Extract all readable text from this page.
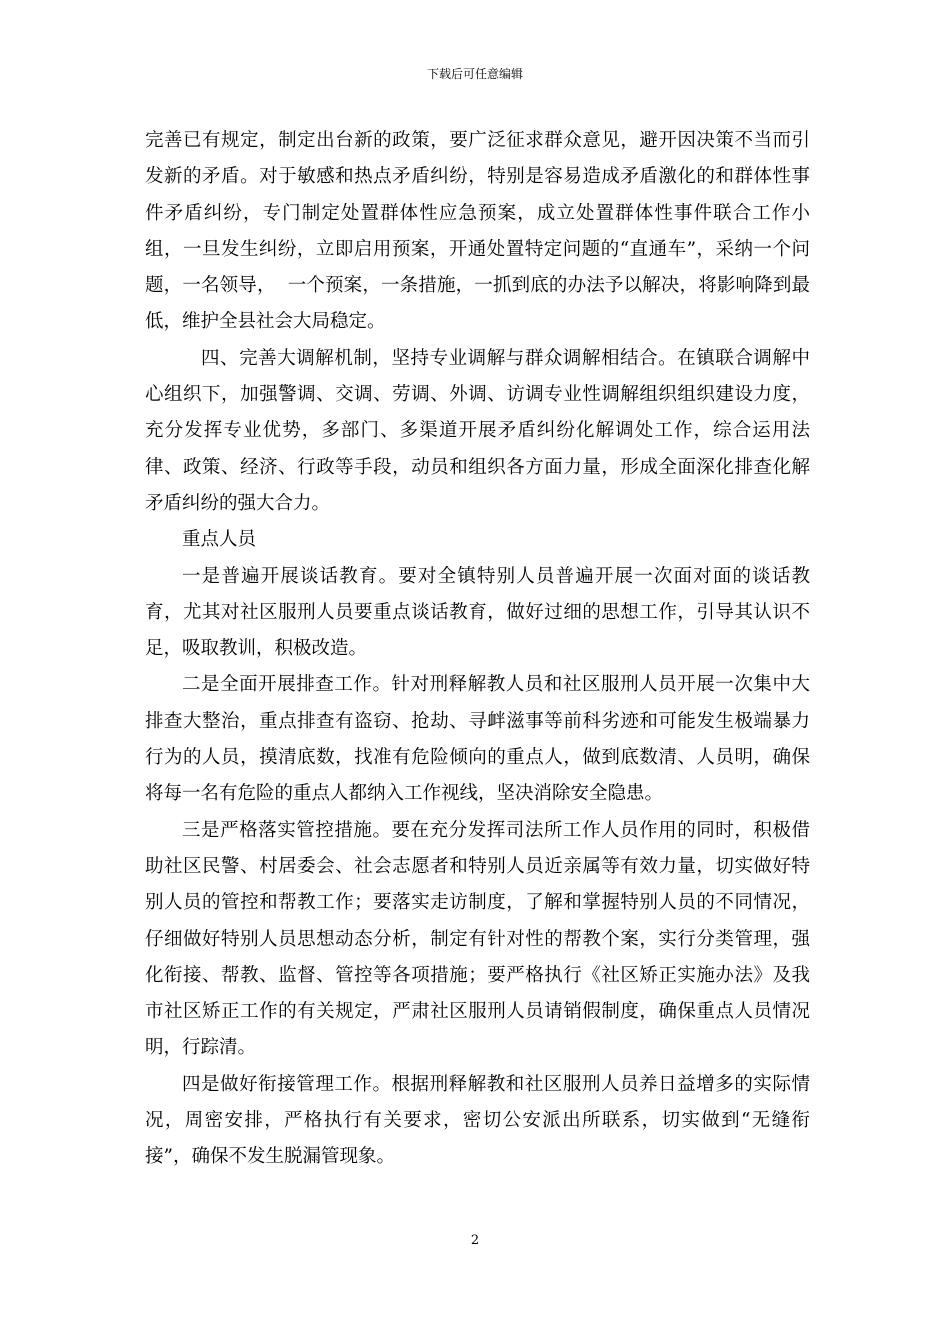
下载后可任意编辑

完善已有规定，制定出台新的政策，要广泛征求群众意见，避开因决策不当而引发新的矛盾。对于敏感和热点矛盾纠纷，特别是容易造成矛盾激化的和群体性事件矛盾纠纷，专门制定处置群体性应急预案，成立处置群体性事件联合工作小组，一旦发生纠纷，立即启用预案，开通处置特定问题的“直通车”，采纳一个问题，一名领导，  一个预案，一条措施，一抓到底的办法予以解决，将影响降到最低，维护全县社会大局稳定。

四、完善大调解机制，坚持专业调解与群众调解相结合。在镇联合调解中心组织下，加强警调、交调、劳调、外调、访调专业性调解组织组织建设力度，充分发挥专业优势，多部门、多渠道开展矛盾纠纷化解调处工作，综合运用法律、政策、经济、行政等手段，动员和组织各方面力量，形成全面深化排查化解矛盾纠纷的强大合力。

重点人员

一是普遍开展谈话教育。要对全镇特别人员普遍开展一次面对面的谈话教育，尤其对社区服刑人员要重点谈话教育，做好过细的思想工作，引导其认识不足，吸取教训，积极改造。

二是全面开展排查工作。针对刑释解教人员和社区服刑人员开展一次集中大排查大整治，重点排查有盗窃、抢劫、寻衅滋事等前科劣迹和可能发生极端暴力行为的人员，摸清底数，找准有危险倾向的重点人，做到底数清、人员明，确保将每一名有危险的重点人都纳入工作视线，坚决消除安全隐患。

三是严格落实管控措施。要在充分发挥司法所工作人员作用的同时，积极借助社区民警、村居委会、社会志愿者和特别人员近亲属等有效力量，切实做好特别人员的管控和帮教工作；要落实走访制度，了解和掌握特别人员的不同情况，仔细做好特别人员思想动态分析，制定有针对性的帮教个案，实行分类管理，强化衔接、帮教、监督、管控等各项措施；要严格执行《社区矫正实施办法》及我市社区矫正工作的有关规定，严肃社区服刑人员请销假制度，确保重点人员情况明，行踪清。

四是做好衔接管理工作。根据刑释解教和社区服刑人员养日益增多的实际情况，周密安排，严格执行有关要求，密切公安派出所联系，切实做到“无缝衔接”，确保不发生脱漏管现象。

2
